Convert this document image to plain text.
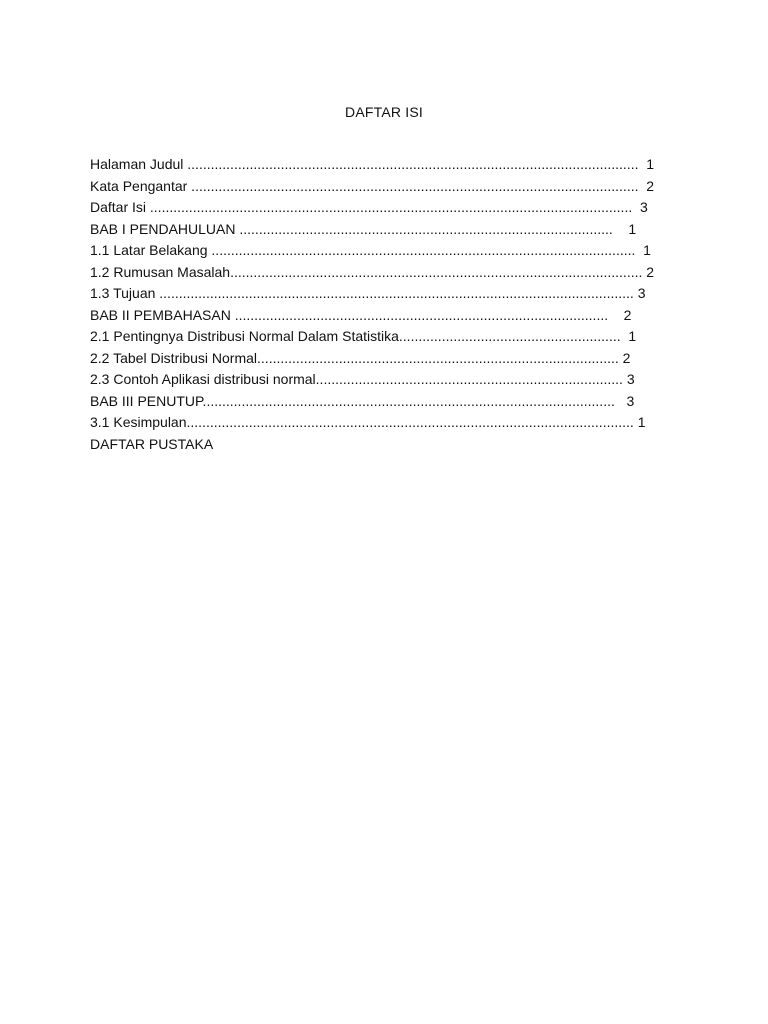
DAFTAR ISI
Halaman Judul ....................................................................................................................  1
Kata Pengantar ...................................................................................................................  2
Daftar Isi ............................................................................................................................  3
BAB I PENDAHULUAN ................................................................................................    1
1.1 Latar Belakang .............................................................................................................  1
1.2 Rumusan Masalah.......................................................................................................... 2
1.3 Tujuan .......................................................................................................................... 3
BAB II PEMBAHASAN ................................................................................................    2
2.1 Pentingnya Distribusi Normal Dalam Statistika.........................................................  1
2.2 Tabel Distribusi Normal............................................................................................. 2
2.3 Contoh Aplikasi distribusi normal............................................................................... 3
BAB III PENUTUP..........................................................................................................   3
3.1 Kesimpulan................................................................................................................... 1
DAFTAR PUSTAKA
